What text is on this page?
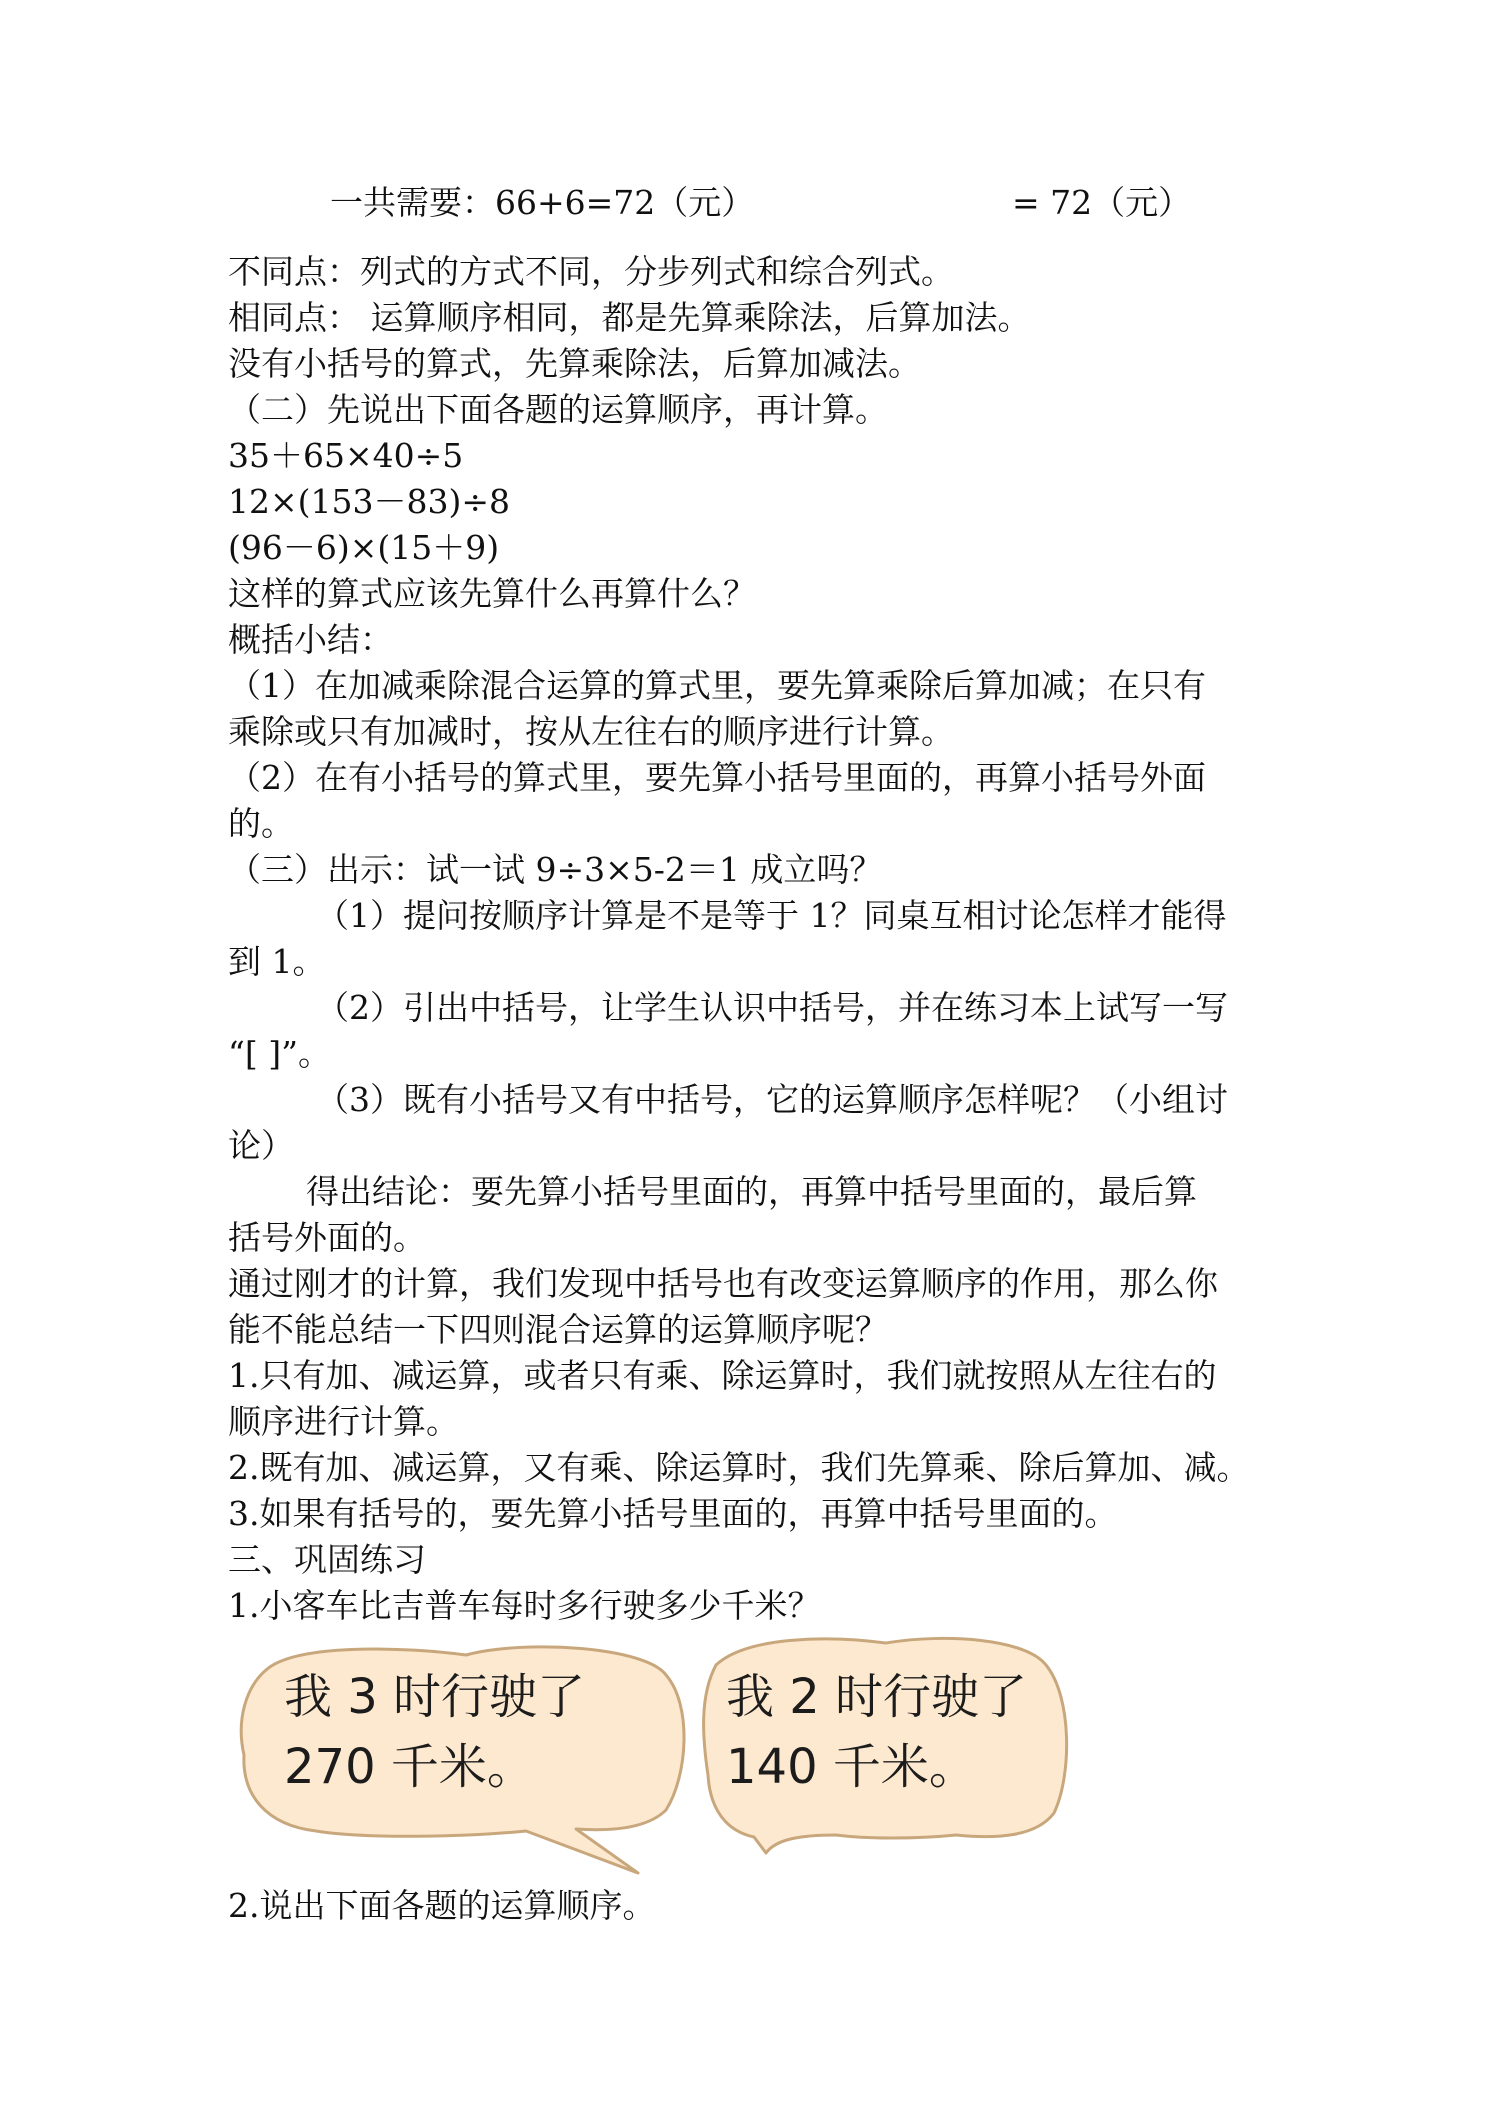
一共需要：66+6=72（元）	= 72（元）
不同点：列式的方式不同，分步列式和综合列式。
相同点： 运算顺序相同，都是先算乘除法，后算加法。
没有小括号的算式，先算乘除法，后算加减法。
（二）先说出下面各题的运算顺序，再计算。
35＋65×40÷5
12×(153－83)÷8
(96－6)×(15＋9)
这样的算式应该先算什么再算什么？
概括小结：
（1）在加减乘除混合运算的算式里，要先算乘除后算加减；在只有
乘除或只有加减时，按从左往右的顺序进行计算。
（2）在有小括号的算式里，要先算小括号里面的，再算小括号外面
的。
（三）出示：试一试 9÷3×5-2＝1 成立吗？
（1）提问按顺序计算是不是等于 1？同桌互相讨论怎样才能得
到 1。
（2）引出中括号，让学生认识中括号，并在练习本上试写一写
“[ ]”。
（3）既有小括号又有中括号，它的运算顺序怎样呢？（小组讨
论）
得出结论：要先算小括号里面的，再算中括号里面的，最后算
括号外面的。
通过刚才的计算，我们发现中括号也有改变运算顺序的作用，那么你
能不能总结一下四则混合运算的运算顺序呢？
1.只有加、减运算，或者只有乘、除运算时，我们就按照从左往右的
顺序进行计算。
2.既有加、减运算，又有乘、除运算时，我们先算乘、除后算加、减。
3.如果有括号的，要先算小括号里面的，再算中括号里面的。
三、巩固练习
1.小客车比吉普车每时多行驶多少千米？
我 3 时行驶了
270 千米。
我 2 时行驶了
140 千米。
2.说出下面各题的运算顺序。
